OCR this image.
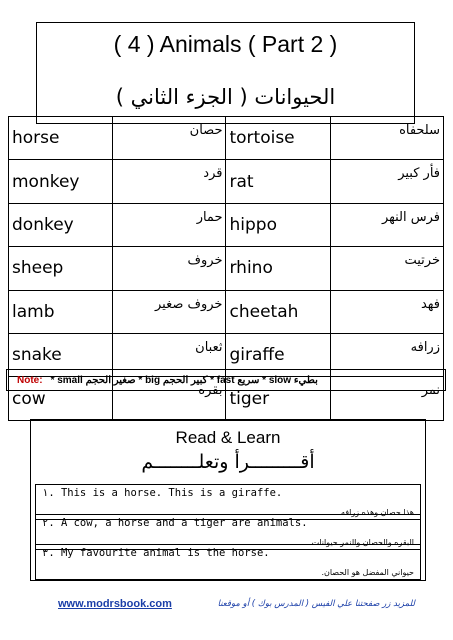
( 4 ) Animals ( Part 2 )
الحيوانات ( الجزء الثاني )
horse	حصان	tortoise	سلحفاه
monkey	قرد	rat	فأر كبير
donkey	حمار	hippo	فرس النهر
sheep	خروف	rhino	خرتيت
lamb	خروف صغير	cheetah	فهد
snake	ثعبان	giraffe	زرافه
cow	بقره	tiger	نمر
Note: * small صغير الحجم * big كبير الحجم * fast سريع * slow بطيء
Read & Learn
أقـــــــــرأ وتعلــــــــم
١. This is a horse. This is a giraffe.
هذا حصان وهذه زرافه.
٢. A cow, a horse and a tiger are animals.
البقره والحصان والنمر حيوانات.
٣. My favourite animal is the horse.
حيواني المفضل هو الحصان.
www.modrsbook.com	للمزيد زر صفحتنا علي الفيس ( المدرس بوك ) أو موقعنا
